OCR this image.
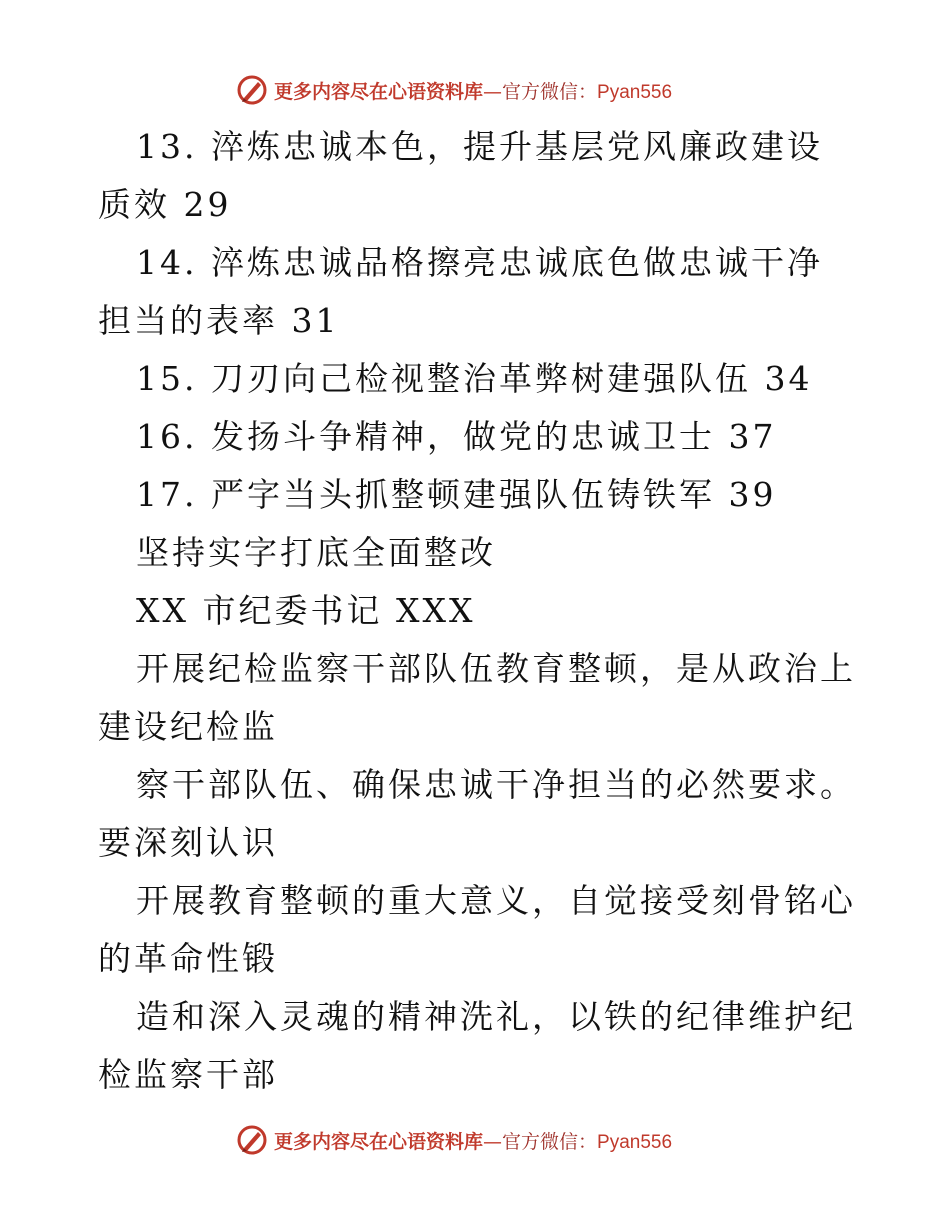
更多内容尽在心语资料库—官方微信：Pyan556

13. 淬炼忠诚本色，提升基层党风廉政建设质效 29

14. 淬炼忠诚品格擦亮忠诚底色做忠诚干净担当的表率 31

15. 刀刃向己检视整治革弊树建强队伍 34

16. 发扬斗争精神，做党的忠诚卫士 37

17. 严字当头抓整顿建强队伍铸铁军 39

坚持实字打底全面整改

XX 市纪委书记 XXX

开展纪检监察干部队伍教育整顿，是从政治上建设纪检监

察干部队伍、确保忠诚干净担当的必然要求。要深刻认识

开展教育整顿的重大意义，自觉接受刻骨铭心的革命性锻

造和深入灵魂的精神洗礼，以铁的纪律维护纪检监察干部

更多内容尽在心语资料库—官方微信：Pyan556
